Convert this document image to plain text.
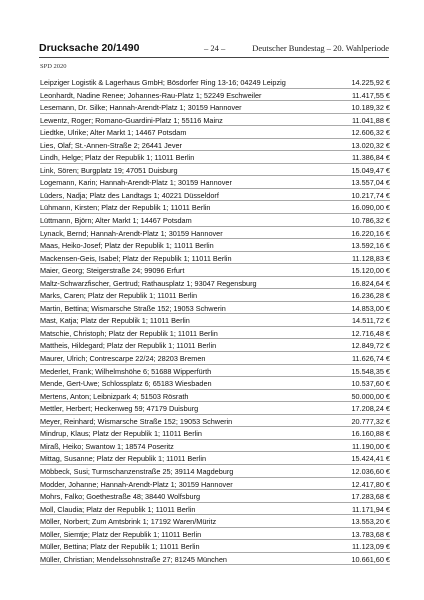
Drucksache 20/1490	– 24 –	Deutscher Bundestag – 20. Wahlperiode
SPD 2020
Leipziger Logistik & Lagerhaus GmbH; Bösdorfer Ring 13-16; 04249 Leipzig	14.225,92 €
Leonhardt, Nadine Renee; Johannes-Rau-Platz 1; 52249 Eschweiler	11.417,55 €
Lesemann, Dr. Silke; Hannah-Arendt-Platz 1; 30159 Hannover	10.189,32 €
Lewentz, Roger; Romano-Guardini-Platz 1; 55116 Mainz	11.041,88 €
Liedtke, Ulrike; Alter Markt 1; 14467 Potsdam	12.606,32 €
Lies, Olaf; St.-Annen-Straße 2; 26441 Jever	13.020,32 €
Lindh, Helge; Platz der Republik 1; 11011 Berlin	11.386,84 €
Link, Sören; Burgplatz 19; 47051 Duisburg	15.049,47 €
Logemann, Karin; Hannah-Arendt-Platz 1; 30159 Hannover	13.557,04 €
Lüders, Nadja; Platz des Landtags 1; 40221 Düsseldorf	10.217,74 €
Lühmann, Kirsten; Platz der Republik 1; 11011 Berlin	16.090,00 €
Lüttmann, Björn; Alter Markt 1; 14467 Potsdam	10.786,32 €
Lynack, Bernd; Hannah-Arendt-Platz 1; 30159 Hannover	16.220,16 €
Maas, Heiko-Josef; Platz der Republik 1; 11011 Berlin	13.592,16 €
Mackensen-Geis, Isabel; Platz der Republik 1; 11011 Berlin	11.128,83 €
Maier, Georg; Steigerstraße 24; 99096 Erfurt	15.120,00 €
Maltz-Schwarzfischer, Gertrud; Rathausplatz 1; 93047 Regensburg	16.824,64 €
Marks, Caren; Platz der Republik 1; 11011 Berlin	16.236,28 €
Martin, Bettina; Wismarsche Straße 152; 19053 Schwerin	14.853,00 €
Mast, Katja; Platz der Republik 1; 11011 Berlin	14.511,72 €
Matschie, Christoph; Platz der Republik 1; 11011 Berlin	12.716,48 €
Mattheis, Hildegard; Platz der Republik 1; 11011 Berlin	12.849,72 €
Maurer, Ulrich; Contrescarpe 22/24; 28203 Bremen	11.626,74 €
Mederlet, Frank; Wilhelmshöhe 6; 51688 Wipperfürth	15.548,35 €
Mende, Gert-Uwe; Schlossplatz 6; 65183 Wiesbaden	10.537,60 €
Mertens, Anton; Leibnizpark 4; 51503 Rösrath	50.000,00 €
Mettler, Herbert; Heckenweg 59; 47179 Duisburg	17.208,24 €
Meyer, Reinhard; Wismarsche Straße 152; 19053 Schwerin	20.777,32 €
Mindrup, Klaus; Platz der Republik 1; 11011 Berlin	16.160,88 €
Miraß, Heiko; Swantow 1; 18574 Poseritz	11.190,00 €
Mittag, Susanne; Platz der Republik 1; 11011 Berlin	15.424,41 €
Möbbeck, Susi; Turmschanzenstraße 25; 39114 Magdeburg	12.036,60 €
Modder, Johanne; Hannah-Arendt-Platz 1; 30159 Hannover	12.417,80 €
Mohrs, Falko; Goethestraße 48; 38440 Wolfsburg	17.283,68 €
Moll, Claudia; Platz der Republik 1; 11011 Berlin	11.171,94 €
Möller, Norbert; Zum Amtsbrink 1; 17192 Waren/Müritz	13.553,20 €
Möller, Siemtje; Platz der Republik 1; 11011 Berlin	13.783,68 €
Müller, Bettina; Platz der Republik 1; 11011 Berlin	11.123,09 €
Müller, Christian; Mendelssohnstraße 27; 81245 München	10.661,60 €
